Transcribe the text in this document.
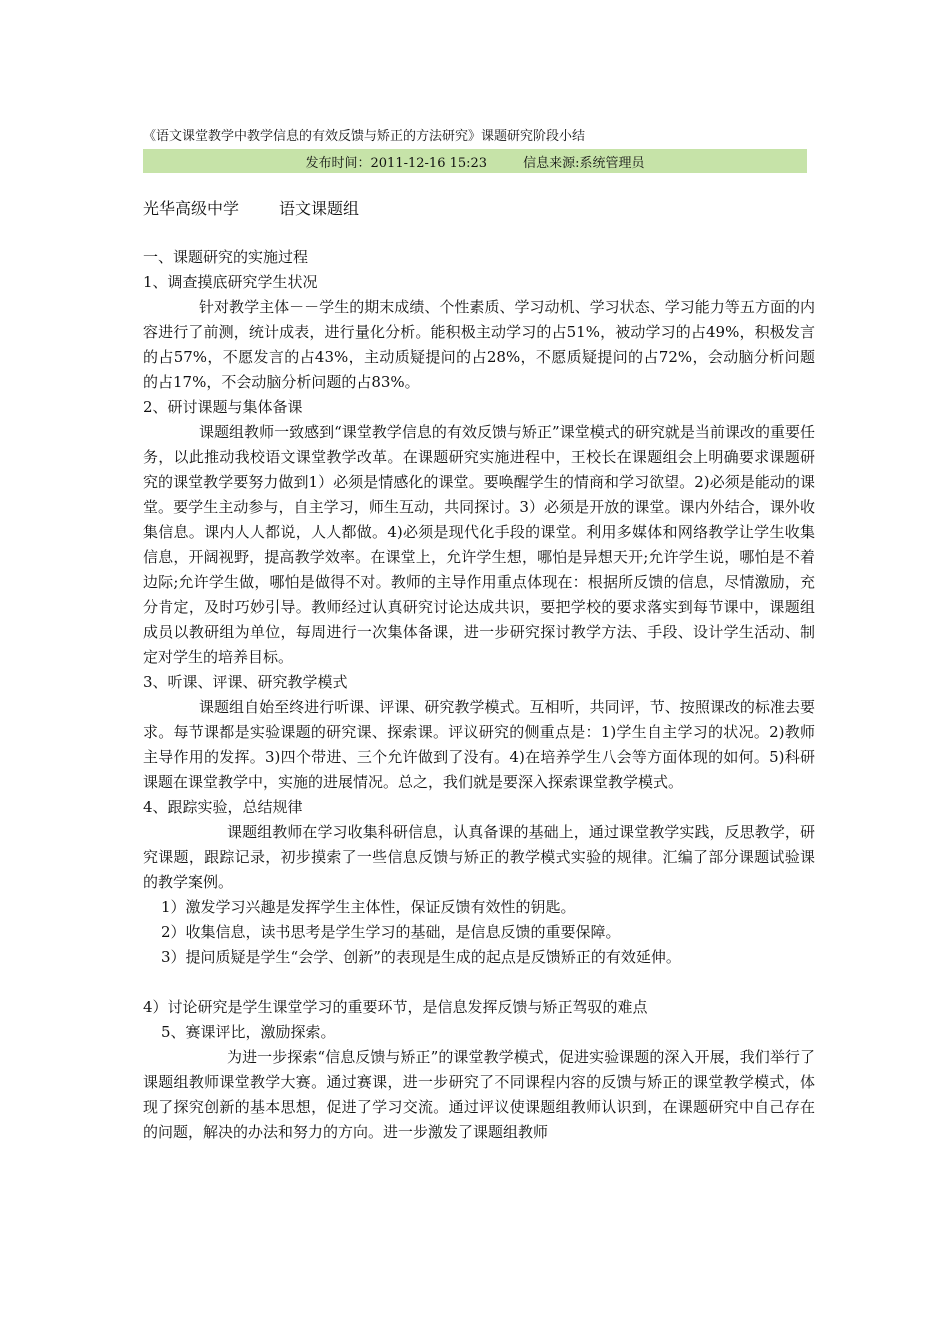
《语文课堂教学中教学信息的有效反馈与矫正的方法研究》课题研究阶段小结
发布时间：2011-12-16 15:23	信息来源:系统管理员

光华高级中学	语文课题组

一、课题研究的实施过程

1、调查摸底研究学生状况

针对教学主体－－学生的期末成绩、个性素质、学习动机、学习状态、学习能力等五方面的内容进行了前测，统计成表，进行量化分析。能积极主动学习的占51%，被动学习的占49%，积极发言的占57%，不愿发言的占43%，主动质疑提问的占28%，不愿质疑提问的占72%，会动脑分析问题的占17%，不会动脑分析问题的占83%。

2、研讨课题与集体备课

课题组教师一致感到“课堂教学信息的有效反馈与矫正”课堂模式的研究就是当前课改的重要任务，以此推动我校语文课堂教学改革。在课题研究实施进程中，王校长在课题组会上明确要求课题研究的课堂教学要努力做到1）必须是情感化的课堂。要唤醒学生的情商和学习欲望。2)必须是能动的课堂。要学生主动参与，自主学习，师生互动，共同探讨。3）必须是开放的课堂。课内外结合，课外收集信息。课内人人都说，人人都做。4)必须是现代化手段的课堂。利用多媒体和网络教学让学生收集信息，开阔视野，提高教学效率。在课堂上，允许学生想，哪怕是异想天开;允许学生说，哪怕是不着边际;允许学生做，哪怕是做得不对。教师的主导作用重点体现在：根据所反馈的信息，尽情激励，充分肯定，及时巧妙引导。教师经过认真研究讨论达成共识，要把学校的要求落实到每节课中，课题组成员以教研组为单位，每周进行一次集体备课，进一步研究探讨教学方法、手段、设计学生活动、制定对学生的培养目标。

3、听课、评课、研究教学模式

课题组自始至终进行听课、评课、研究教学模式。互相听，共同评，节、按照课改的标准去要求。每节课都是实验课题的研究课、探索课。评议研究的侧重点是：1)学生自主学习的状况。2)教师主导作用的发挥。3)四个带进、三个允许做到了没有。4)在培养学生八会等方面体现的如何。5)科研课题在课堂教学中，实施的进展情况。总之，我们就是要深入探索课堂教学模式。

4、跟踪实验，总结规律

课题组教师在学习收集科研信息，认真备课的基础上，通过课堂教学实践，反思教学，研究课题，跟踪记录，初步摸索了一些信息反馈与矫正的教学模式实验的规律。汇编了部分课题试验课的教学案例。

1）激发学习兴趣是发挥学生主体性，保证反馈有效性的钥匙。

2）收集信息，读书思考是学生学习的基础，是信息反馈的重要保障。

3）提问质疑是学生“会学、创新”的表现是生成的起点是反馈矫正的有效延伸。

4）讨论研究是学生课堂学习的重要环节，是信息发挥反馈与矫正驾驭的难点

5、赛课评比，激励探索。

为进一步探索“信息反馈与矫正”的课堂教学模式，促进实验课题的深入开展，我们举行了课题组教师课堂教学大赛。通过赛课，进一步研究了不同课程内容的反馈与矫正的课堂教学模式，体现了探究创新的基本思想，促进了学习交流。通过评议使课题组教师认识到，在课题研究中自己存在的问题，解决的办法和努力的方向。进一步激发了课题组教师
